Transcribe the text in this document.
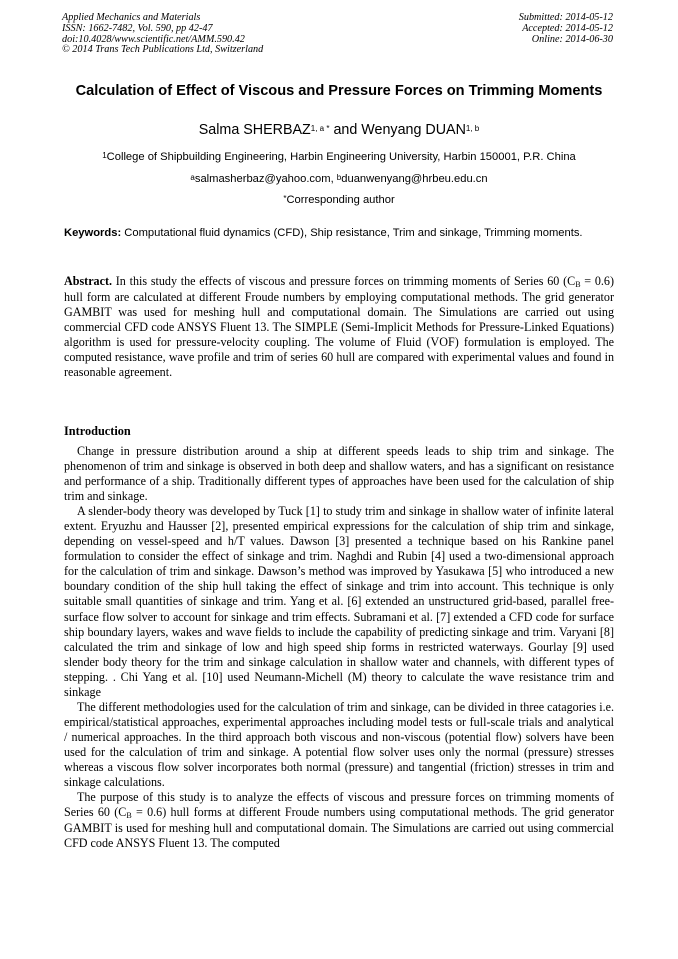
Applied Mechanics and Materials
ISSN: 1662-7482, Vol. 590, pp 42-47
doi:10.4028/www.scientific.net/AMM.590.42
© 2014 Trans Tech Publications Ltd, Switzerland
Submitted: 2014-05-12
Accepted: 2014-05-12
Online: 2014-06-30
Calculation of Effect of Viscous and Pressure Forces on Trimming Moments
Salma $SHERBAZ^{1, a *}$ and Wenyang DUAN$^{1, b}$
$^1$College of Shipbuilding Engineering, Harbin Engineering University, Harbin 150001, P.R. China
$^a$salmasherbaz@yahoo.com, $^b$duanwenyang@hrbeu.edu.cn
*Corresponding author
Keywords: Computational fluid dynamics (CFD), Ship resistance, Trim and sinkage, Trimming moments.
Abstract. In this study the effects of viscous and pressure forces on trimming moments of Series 60 $(C_B = 0.6)$ hull form are calculated at different Froude numbers by employing computational methods. The grid generator GAMBIT was used for meshing hull and computational domain. The Simulations are carried out using commercial CFD code ANSYS Fluent 13. The SIMPLE (Semi-Implicit Methods for Pressure-Linked Equations) algorithm is used for pressure-velocity coupling. The volume of Fluid (VOF) formulation is employed. The computed resistance, wave profile and trim of series 60 hull are compared with experimental values and found in reasonable agreement.
Introduction

Change in pressure distribution around a ship at different speeds leads to ship trim and sinkage. The phenomenon of trim and sinkage is observed in both deep and shallow waters, and has a significant on resistance and performance of a ship. Traditionally different types of approaches have been used for the calculation of ship trim and sinkage.

A slender-body theory was developed by Tuck [1] to study trim and sinkage in shallow water of infinite lateral extent. Eryuzhu and Hausser [2], presented empirical expressions for the calculation of ship trim and sinkage, depending on vessel-speed and h/T values. Dawson [3] presented a technique based on his Rankine panel formulation to consider the effect of sinkage and trim. Naghdi and Rubin [4] used a two-dimensional approach for the calculation of trim and sinkage. Dawson’s method was improved by Yasukawa [5] who introduced a new boundary condition of the ship hull taking the effect of sinkage and trim into account. This technique is only suitable small quantities of sinkage and trim. Yang et al. [6] extended an unstructured grid-based, parallel free-surface flow solver to account for sinkage and trim effects. Subramani et al. [7] extended a CFD code for surface ship boundary layers, wakes and wave fields to include the capability of predicting sinkage and trim. Varyani [8] calculated the trim and sinkage of low and high speed ship forms in restricted waterways. Gourlay [9] used slender body theory for the trim and sinkage calculation in shallow water and channels, with different types of stepping. . Chi Yang et al. [10] used Neumann-Michell (M) theory to calculate the wave resistance trim and sinkage

The different methodologies used for the calculation of trim and sinkage, can be divided in three catagories i.e. empirical/statistical approaches, experimental approaches including model tests or full-scale trials and analytical / numerical approaches. In the third approach both viscous and non-viscous (potential flow) solvers have been used for the calculation of trim and sinkage. A potential flow solver uses only the normal (pressure) stresses whereas a viscous flow solver incorporates both normal (pressure) and tangential (friction) stresses in trim and sinkage calculations.

The purpose of this study is to analyze the effects of viscous and pressure forces on trimming moments of Series 60 $(C_B = 0.6)$ hull forms at different Froude numbers using computational methods. The grid generator GAMBIT is used for meshing hull and computational domain. The Simulations are carried out using commercial CFD code ANSYS Fluent 13. The computed
